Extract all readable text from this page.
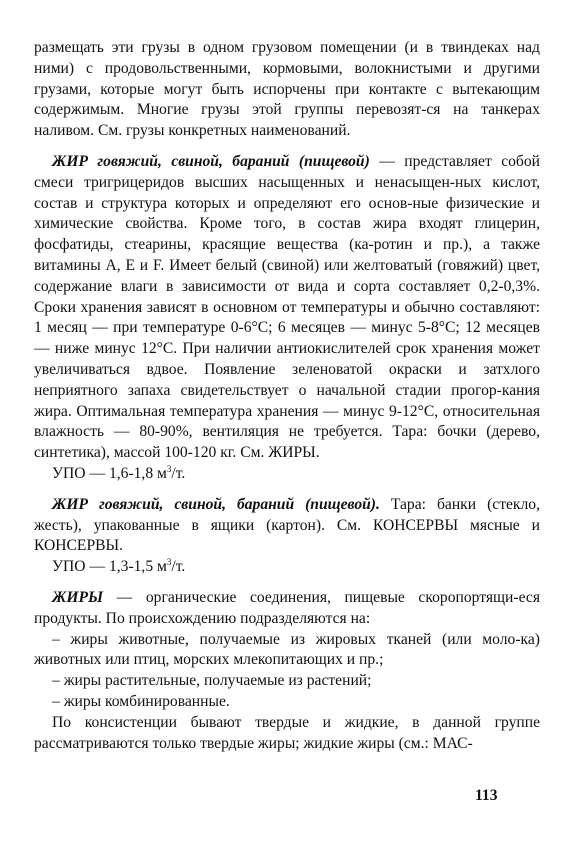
размещать эти грузы в одном грузовом помещении (и в твиндеках над ними) с продовольственными, кормовыми, волокнистыми и другими грузами, которые могут быть испорчены при контакте с вытекающим содержимым. Многие грузы этой группы перевозят-ся на танкерах наливом. См. грузы конкретных наименований.

ЖИР говяжий, свиной, бараний (пищевой) — представляет собой смеси тригрицеридов высших насыщенных и ненасыщен-ных кислот, состав и структура которых и определяют его основ-ные физические и химические свойства. Кроме того, в состав жира входят глицерин, фосфатиды, стеарины, красящие вещества (ка-ротин и пр.), а также витамины А, Е и F. Имеет белый (свиной) или желтоватый (говяжий) цвет, содержание влаги в зависимости от вида и сорта составляет 0,2-0,3%. Сроки хранения зависят в основном от температуры и обычно составляют: 1 месяц — при температуре 0-6°С; 6 месяцев — минус 5-8°С; 12 месяцев — ниже минус 12°С. При наличии антиокислителей срок хранения может увеличиваться вдвое. Появление зеленоватой окраски и затхлого неприятного запаха свидетельствует о начальной стадии прогор-кания жира. Оптимальная температура хранения — минус 9-12°С, относительная влажность — 80-90%, вентиляция не требуется. Тара: бочки (дерево, синтетика), массой 100-120 кг. См. ЖИРЫ.

УПО — 1,6-1,8 $м^3/т$.

ЖИР говяжий, свиной, бараний (пищевой). Тара: банки (стекло, жесть), упакованные в ящики (картон). См. КОНСЕРВЫ мясные и КОНСЕРВЫ.

УПО — 1,3-1,5 $м^3/т$.

ЖИРЫ — органические соединения, пищевые скоропортящи-еся продукты. По происхождению подразделяются на:

– жиры животные, получаемые из жировых тканей (или моло-ка) животных или птиц, морских млекопитающих и пр.;

– жиры растительные, получаемые из растений;

– жиры комбинированные.

По консистенции бывают твердые и жидкие, в данной группе рассматриваются только твердые жиры; жидкие жиры (см.: МАС-

113
